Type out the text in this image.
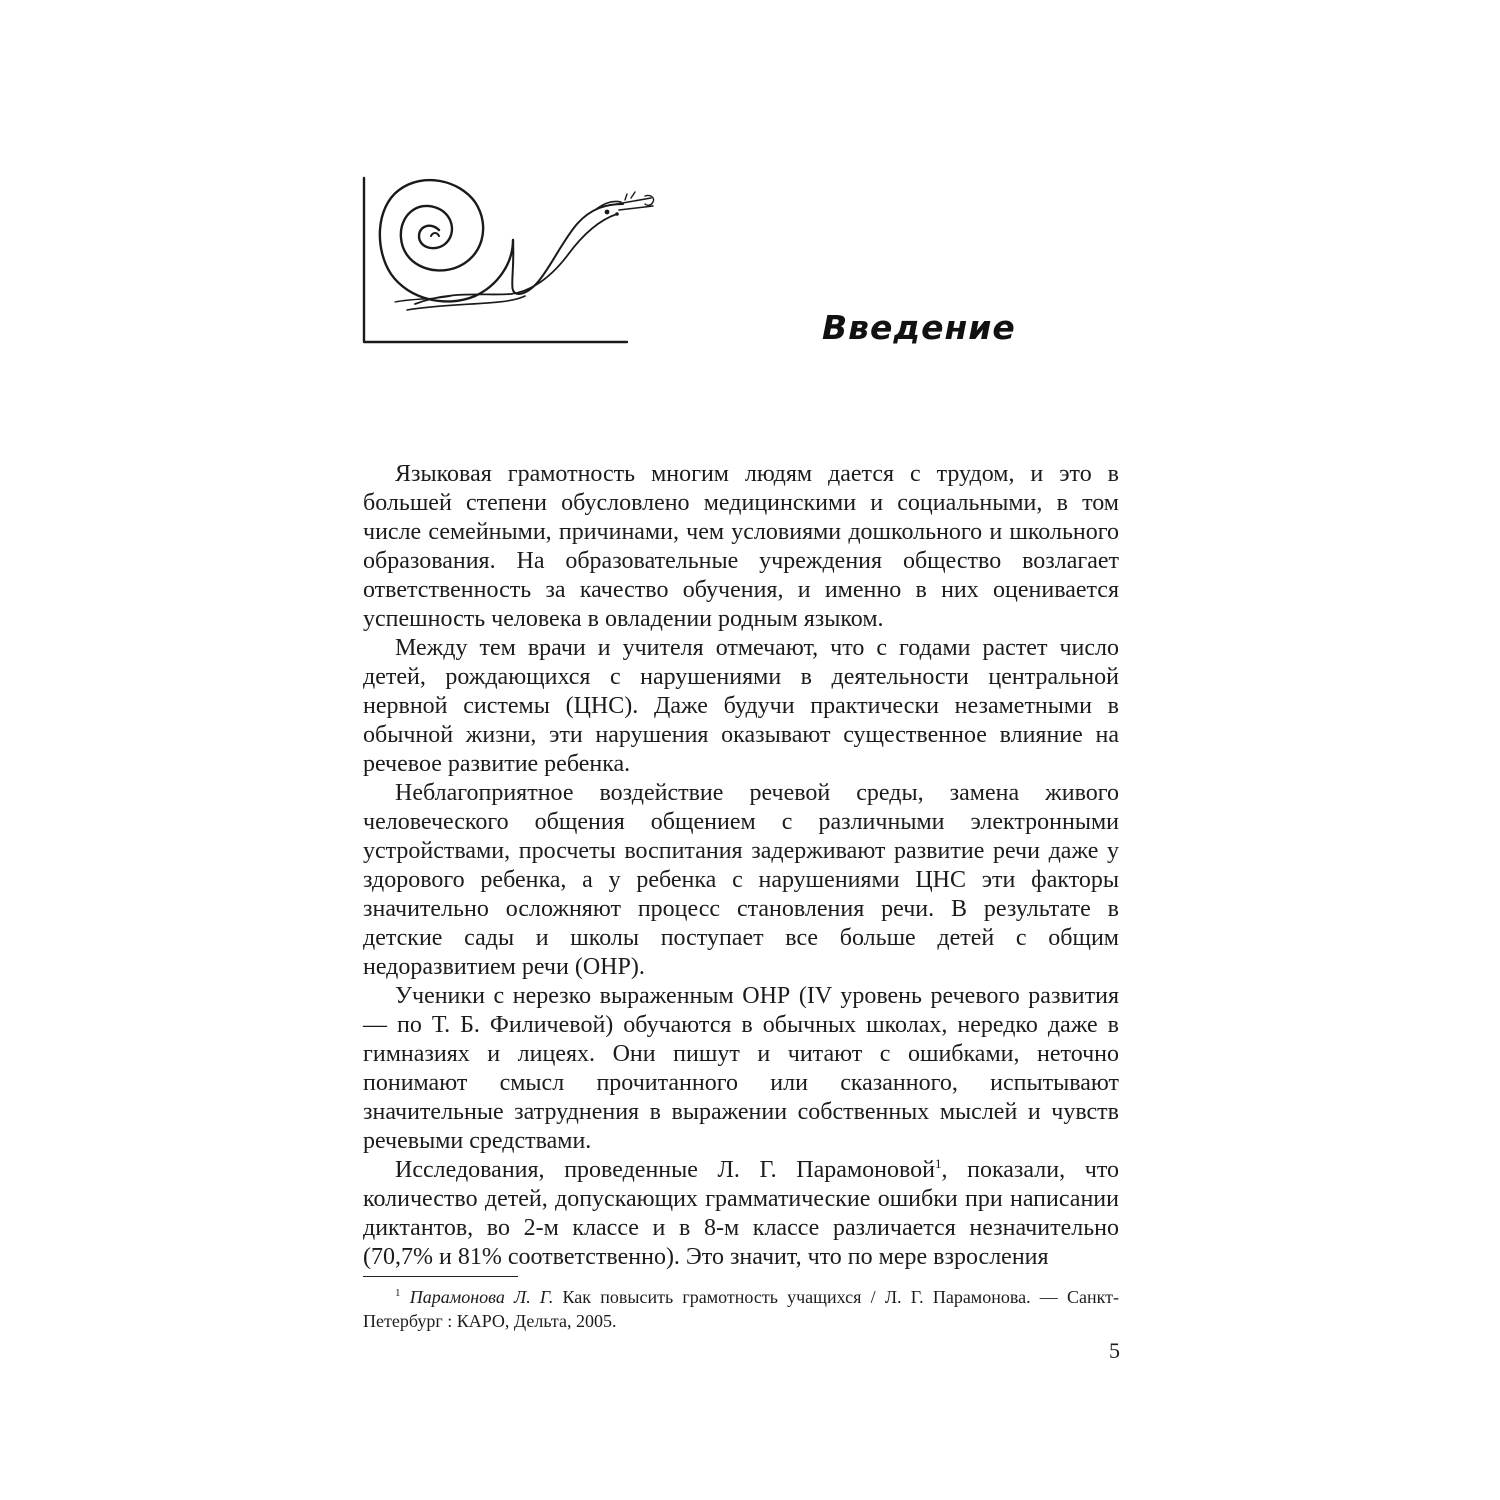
Введение

Языковая грамотность многим людям дается с трудом, и это в большей степени обусловлено медицинскими и социальными, в том числе семейными, причинами, чем условиями дошкольного и школьного образования. На образовательные учреждения общество возлагает ответственность за качество обучения, и именно в них оценивается успешность человека в овладении родным языком.

Между тем врачи и учителя отмечают, что с годами растет число детей, рождающихся с нарушениями в деятельности центральной нервной системы (ЦНС). Даже будучи практически незаметными в обычной жизни, эти нарушения оказывают существенное влияние на речевое развитие ребенка.

Неблагоприятное воздействие речевой среды, замена живого человеческого общения общением с различными электронными устройствами, просчеты воспитания задерживают развитие речи даже у здорового ребенка, а у ребенка с нарушениями ЦНС эти факторы значительно осложняют процесс становления речи. В результате в детские сады и школы поступает все больше детей с общим недоразвитием речи (ОНР).

Ученики с нерезко выраженным ОНР (IV уровень речевого развития — по Т. Б. Филичевой) обучаются в обычных школах, нередко даже в гимназиях и лицеях. Они пишут и читают с ошибками, неточно понимают смысл прочитанного или сказанного, испытывают значительные затруднения в выражении собственных мыслей и чувств речевыми средствами.

Исследования, проведенные Л. Г. Парамоновой$^1$, показали, что количество детей, допускающих грамматические ошибки при написании диктантов, во 2-м классе и в 8-м классе различается незначительно (70,7% и 81% соответственно). Это значит, что по мере взросления

$^1$ Парамонова Л. Г. Как повысить грамотность учащихся / Л. Г. Парамонова. — Санкт-Петербург : КАРО, Дельта, 2005.

5
